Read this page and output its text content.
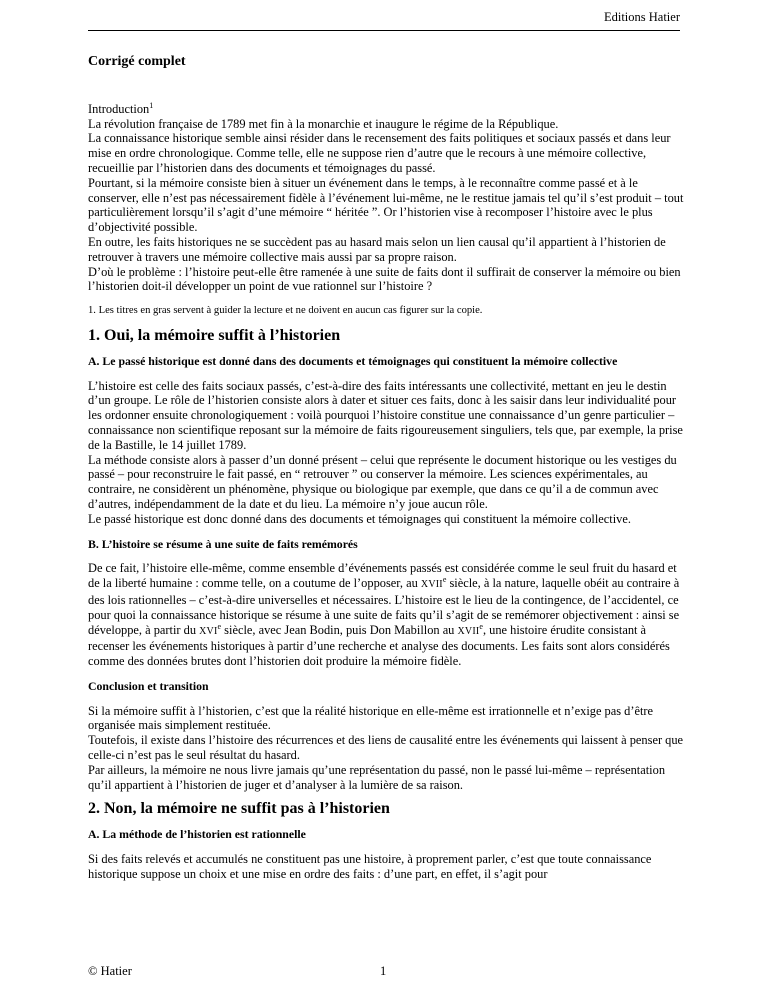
Editions Hatier
Corrigé complet

Introduction$^1$

La révolution française de 1789 met fin à la monarchie et inaugure le régime de la République.

La connaissance historique semble ainsi résider dans le recensement des faits politiques et sociaux passés et dans leur mise en ordre chronologique. Comme telle, elle ne suppose rien d’autre que le recours à une mémoire collective, recueillie par l’historien dans des documents et témoignages du passé.

Pourtant, si la mémoire consiste bien à situer un événement dans le temps, à le reconnaître comme passé et à le conserver, elle n’est pas nécessairement fidèle à l’événement lui-même, ne le restitue jamais tel qu’il s’est produit – tout particulièrement lorsqu’il s’agit d’une mémoire “ héritée ”. Or l’historien vise à recomposer l’histoire avec le plus d’objectivité possible.

En outre, les faits historiques ne se succèdent pas au hasard mais selon un lien causal qu’il appartient à l’historien de retrouver à travers une mémoire collective mais aussi par sa propre raison.

D’où le problème : l’histoire peut-elle être ramenée à une suite de faits dont il suffirait de conserver la mémoire ou bien l’historien doit-il développer un point de vue rationnel sur l’histoire ?

1. Les titres en gras servent à guider la lecture et ne doivent en aucun cas figurer sur la copie.
1. Oui, la mémoire suffit à l’historien
A. Le passé historique est donné dans des documents et témoignages qui constituent la mémoire collective

L’histoire est celle des faits sociaux passés, c’est-à-dire des faits intéressants une collectivité, mettant en jeu le destin d’un groupe. Le rôle de l’historien consiste alors à dater et situer ces faits, donc à les saisir dans leur individualité pour les ordonner ensuite chronologiquement : voilà pourquoi l’histoire constitue une connaissance d’un genre particulier – connaissance non scientifique reposant sur la mémoire de faits rigoureusement singuliers, tels que, par exemple, la prise de la Bastille, le 14 juillet 1789.

La méthode consiste alors à passer d’un donné présent – celui que représente le document historique ou les vestiges du passé – pour reconstruire le fait passé, en “ retrouver ” ou conserver la mémoire. Les sciences expérimentales, au contraire, ne considèrent un phénomène, physique ou biologique par exemple, que dans ce qu’il a de commun avec d’autres, indépendamment de la date et du lieu. La mémoire n’y joue aucun rôle.

Le passé historique est donc donné dans des documents et témoignages qui constituent la mémoire collective.

B. L’histoire se résume à une suite de faits remémorés

De ce fait, l’histoire elle-même, comme ensemble d’événements passés est considérée comme le seul fruit du hasard et de la liberté humaine : comme telle, on a coutume de l’opposer, au XVIIe siècle, à la nature, laquelle obéit au contraire à des lois rationnelles – c’est-à-dire universelles et nécessaires. L’histoire est le lieu de la contingence, de l’accidentel, ce pour quoi la connaissance historique se résume à une suite de faits qu’il s’agit de se remémorer objectivement : ainsi se développe, à partir du XVIe siècle, avec Jean Bodin, puis Don Mabillon au XVIIe, une histoire érudite consistant à recenser les événements historiques à partir d’une recherche et analyse des documents. Les faits sont alors considérés comme des données brutes dont l’historien doit produire la mémoire fidèle.

Conclusion et transition

Si la mémoire suffit à l’historien, c’est que la réalité historique en elle-même est irrationnelle et n’exige pas d’être organisée mais simplement restituée.

Toutefois, il existe dans l’histoire des récurrences et des liens de causalité entre les événements qui laissent à penser que celle-ci n’est pas le seul résultat du hasard.

Par ailleurs, la mémoire ne nous livre jamais qu’une représentation du passé, non le passé lui-même – représentation qu’il appartient à l’historien de juger et d’analyser à la lumière de sa raison.

2. Non, la mémoire ne suffit pas à l’historien
A. La méthode de l’historien est rationnelle

Si des faits relevés et accumulés ne constituent pas une histoire, à proprement parler, c’est que toute connaissance historique suppose un choix et une mise en ordre des faits : d’une part, en effet, il s’agit pour

© Hatier	1
